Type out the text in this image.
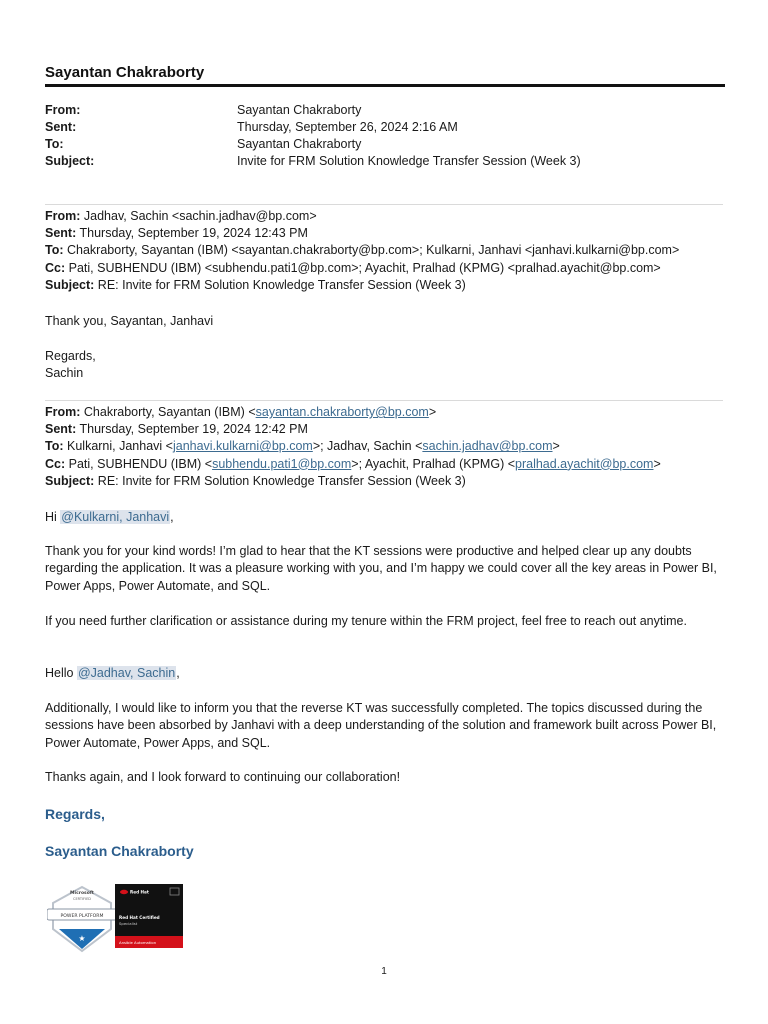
Sayantan Chakraborty
From:	Sayantan Chakraborty
Sent:	Thursday, September 26, 2024 2:16 AM
To:	Sayantan Chakraborty
Subject:	Invite for FRM Solution Knowledge Transfer Session (Week 3)
From: Jadhav, Sachin <sachin.jadhav@bp.com>
Sent: Thursday, September 19, 2024 12:43 PM
To: Chakraborty, Sayantan (IBM) <sayantan.chakraborty@bp.com>; Kulkarni, Janhavi <janhavi.kulkarni@bp.com>
Cc: Pati, SUBHENDU (IBM) <subhendu.pati1@bp.com>; Ayachit, Pralhad (KPMG) <pralhad.ayachit@bp.com>
Subject: RE: Invite for FRM Solution Knowledge Transfer Session (Week 3)
Thank you, Sayantan, Janhavi
Regards,
Sachin
From: Chakraborty, Sayantan (IBM) <sayantan.chakraborty@bp.com>
Sent: Thursday, September 19, 2024 12:42 PM
To: Kulkarni, Janhavi <janhavi.kulkarni@bp.com>; Jadhav, Sachin <sachin.jadhav@bp.com>
Cc: Pati, SUBHENDU (IBM) <subhendu.pati1@bp.com>; Ayachit, Pralhad (KPMG) <pralhad.ayachit@bp.com>
Subject: RE: Invite for FRM Solution Knowledge Transfer Session (Week 3)
Hi @Kulkarni, Janhavi,
Thank you for your kind words! I’m glad to hear that the KT sessions were productive and helped clear up any doubts regarding the application. It was a pleasure working with you, and I’m happy we could cover all the key areas in Power BI, Power Apps, Power Automate, and SQL.
If you need further clarification or assistance during my tenure within the FRM project, feel free to reach out anytime.
Hello @Jadhav, Sachin,
Additionally, I would like to inform you that the reverse KT was successfully completed. The topics discussed during the sessions have been absorbed by Janhavi with a deep understanding of the solution and framework built across Power BI, Power Automate, Power Apps, and SQL.
Thanks again, and I look forward to continuing our collaboration!
Regards,
Sayantan Chakraborty
Microsoft
CERTIFIED
POWER PLATFORM
★
Red Hat
Red Hat Certified
Specialist
Ansible Automation
1
